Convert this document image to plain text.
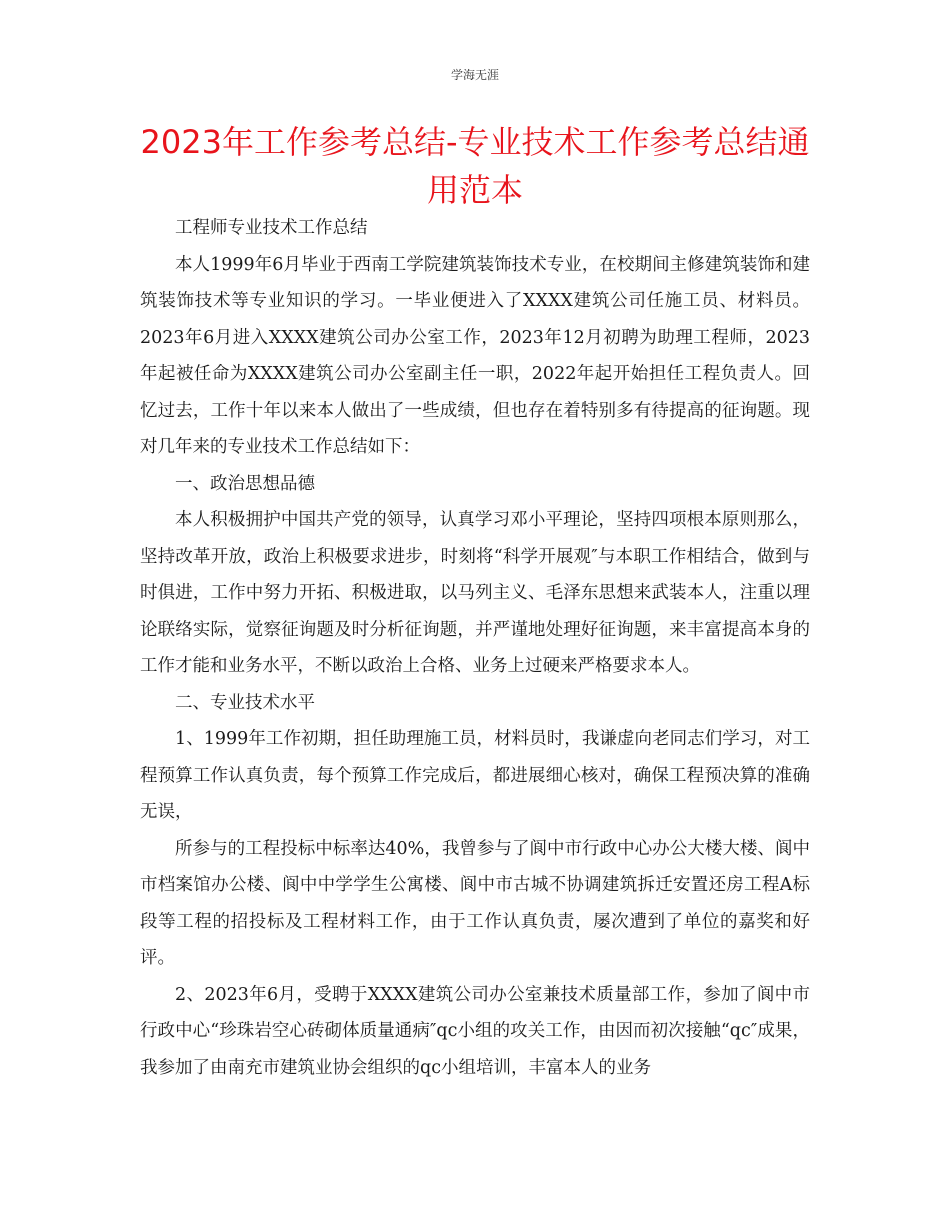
学海无涯
2023年工作参考总结-专业技术工作参考总结通用范本

工程师专业技术工作总结

本人1999年6月毕业于西南工学院建筑装饰技术专业，在校期间主修建筑装饰和建筑装饰技术等专业知识的学习。一毕业便进入了XXXX建筑公司任施工员、材料员。2023年6月进入XXXX建筑公司办公室工作，2023年12月初聘为助理工程师，2023年起被任命为XXXX建筑公司办公室副主任一职，2022年起开始担任工程负责人。回忆过去，工作十年以来本人做出了一些成绩，但也存在着特别多有待提高的征询题。现对几年来的专业技术工作总结如下：

一、政治思想品德

本人积极拥护中国共产党的领导，认真学习邓小平理论，坚持四项根本原则那么，坚持改革开放，政治上积极要求进步，时刻将“科学开展观″与本职工作相结合，做到与时俱进，工作中努力开拓、积极进取，以马列主义、毛泽东思想来武装本人，注重以理论联络实际，觉察征询题及时分析征询题，并严谨地处理好征询题，来丰富提高本身的工作才能和业务水平，不断以政治上合格、业务上过硬来严格要求本人。

二、专业技术水平

1、1999年工作初期，担任助理施工员，材料员时，我谦虚向老同志们学习，对工程预算工作认真负责，每个预算工作完成后，都进展细心核对，确保工程预决算的准确无误，

所参与的工程投标中标率达40%，我曾参与了阆中市行政中心办公大楼大楼、阆中市档案馆办公楼、阆中中学学生公寓楼、阆中市古城不协调建筑拆迁安置还房工程A标段等工程的招投标及工程材料工作，由于工作认真负责，屡次遭到了单位的嘉奖和好评。

2、2023年6月，受聘于XXXX建筑公司办公室兼技术质量部工作，参加了阆中市行政中心“珍珠岩空心砖砌体质量通病″qc小组的攻关工作，由因而初次接触“qc″成果，我参加了由南充市建筑业协会组织的qc小组培训，丰富本人的业务
